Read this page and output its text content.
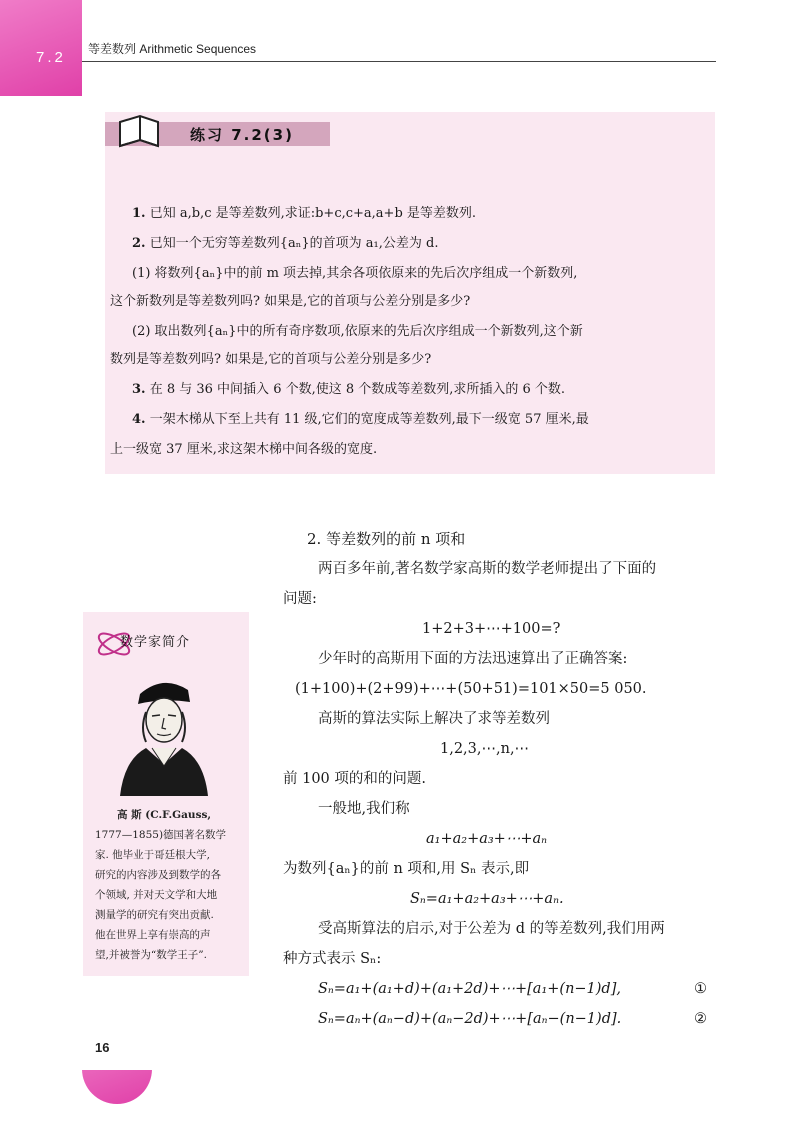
7.2 等差数列 Arithmetic Sequences
练习 7.2(3)
1. 已知 a,b,c 是等差数列,求证:b+c,c+a,a+b 是等差数列.
2. 已知一个无穷等差数列{aₙ}的首项为 a₁,公差为 d.
(1) 将数列{aₙ}中的前 m 项去掉,其余各项依原来的先后次序组成一个新数列,
这个新数列是等差数列吗? 如果是,它的首项与公差分别是多少?
(2) 取出数列{aₙ}中的所有奇序数项,依原来的先后次序组成一个新数列,这个新
数列是等差数列吗? 如果是,它的首项与公差分别是多少?
3. 在 8 与 36 中间插入 6 个数,使这 8 个数成等差数列,求所插入的 6 个数.
4. 一架木梯从下至上共有 11 级,它们的宽度成等差数列,最下一级宽 57 厘米,最
上一级宽 37 厘米,求这架木梯中间各级的宽度.
数学家简介
高 斯 (C.F.Gauss,
1777—1855)德国著名数学
家. 他毕业于哥廷根大学,
研究的内容涉及到数学的各
个领域, 并对天文学和大地
测量学的研究有突出贡献.
他在世界上享有崇高的声
望,并被誉为“数学王子”.
2. 等差数列的前 n 项和
两百多年前,著名数学家高斯的数学老师提出了下面的
问题:
1+2+3+⋯+100=?
少年时的高斯用下面的方法迅速算出了正确答案:
(1+100)+(2+99)+⋯+(50+51)=101×50=5 050.
高斯的算法实际上解决了求等差数列
1,2,3,⋯,n,⋯
前 100 项的和的问题.
一般地,我们称
a₁+a₂+a₃+⋯+aₙ
为数列{aₙ}的前 n 项和,用 Sₙ 表示,即
Sₙ=a₁+a₂+a₃+⋯+aₙ.
受高斯算法的启示,对于公差为 d 的等差数列,我们用两
种方式表示 Sₙ:
Sₙ=a₁+(a₁+d)+(a₁+2d)+⋯+[a₁+(n−1)d],	①
Sₙ=aₙ+(aₙ−d)+(aₙ−2d)+⋯+[aₙ−(n−1)d].	②
16
